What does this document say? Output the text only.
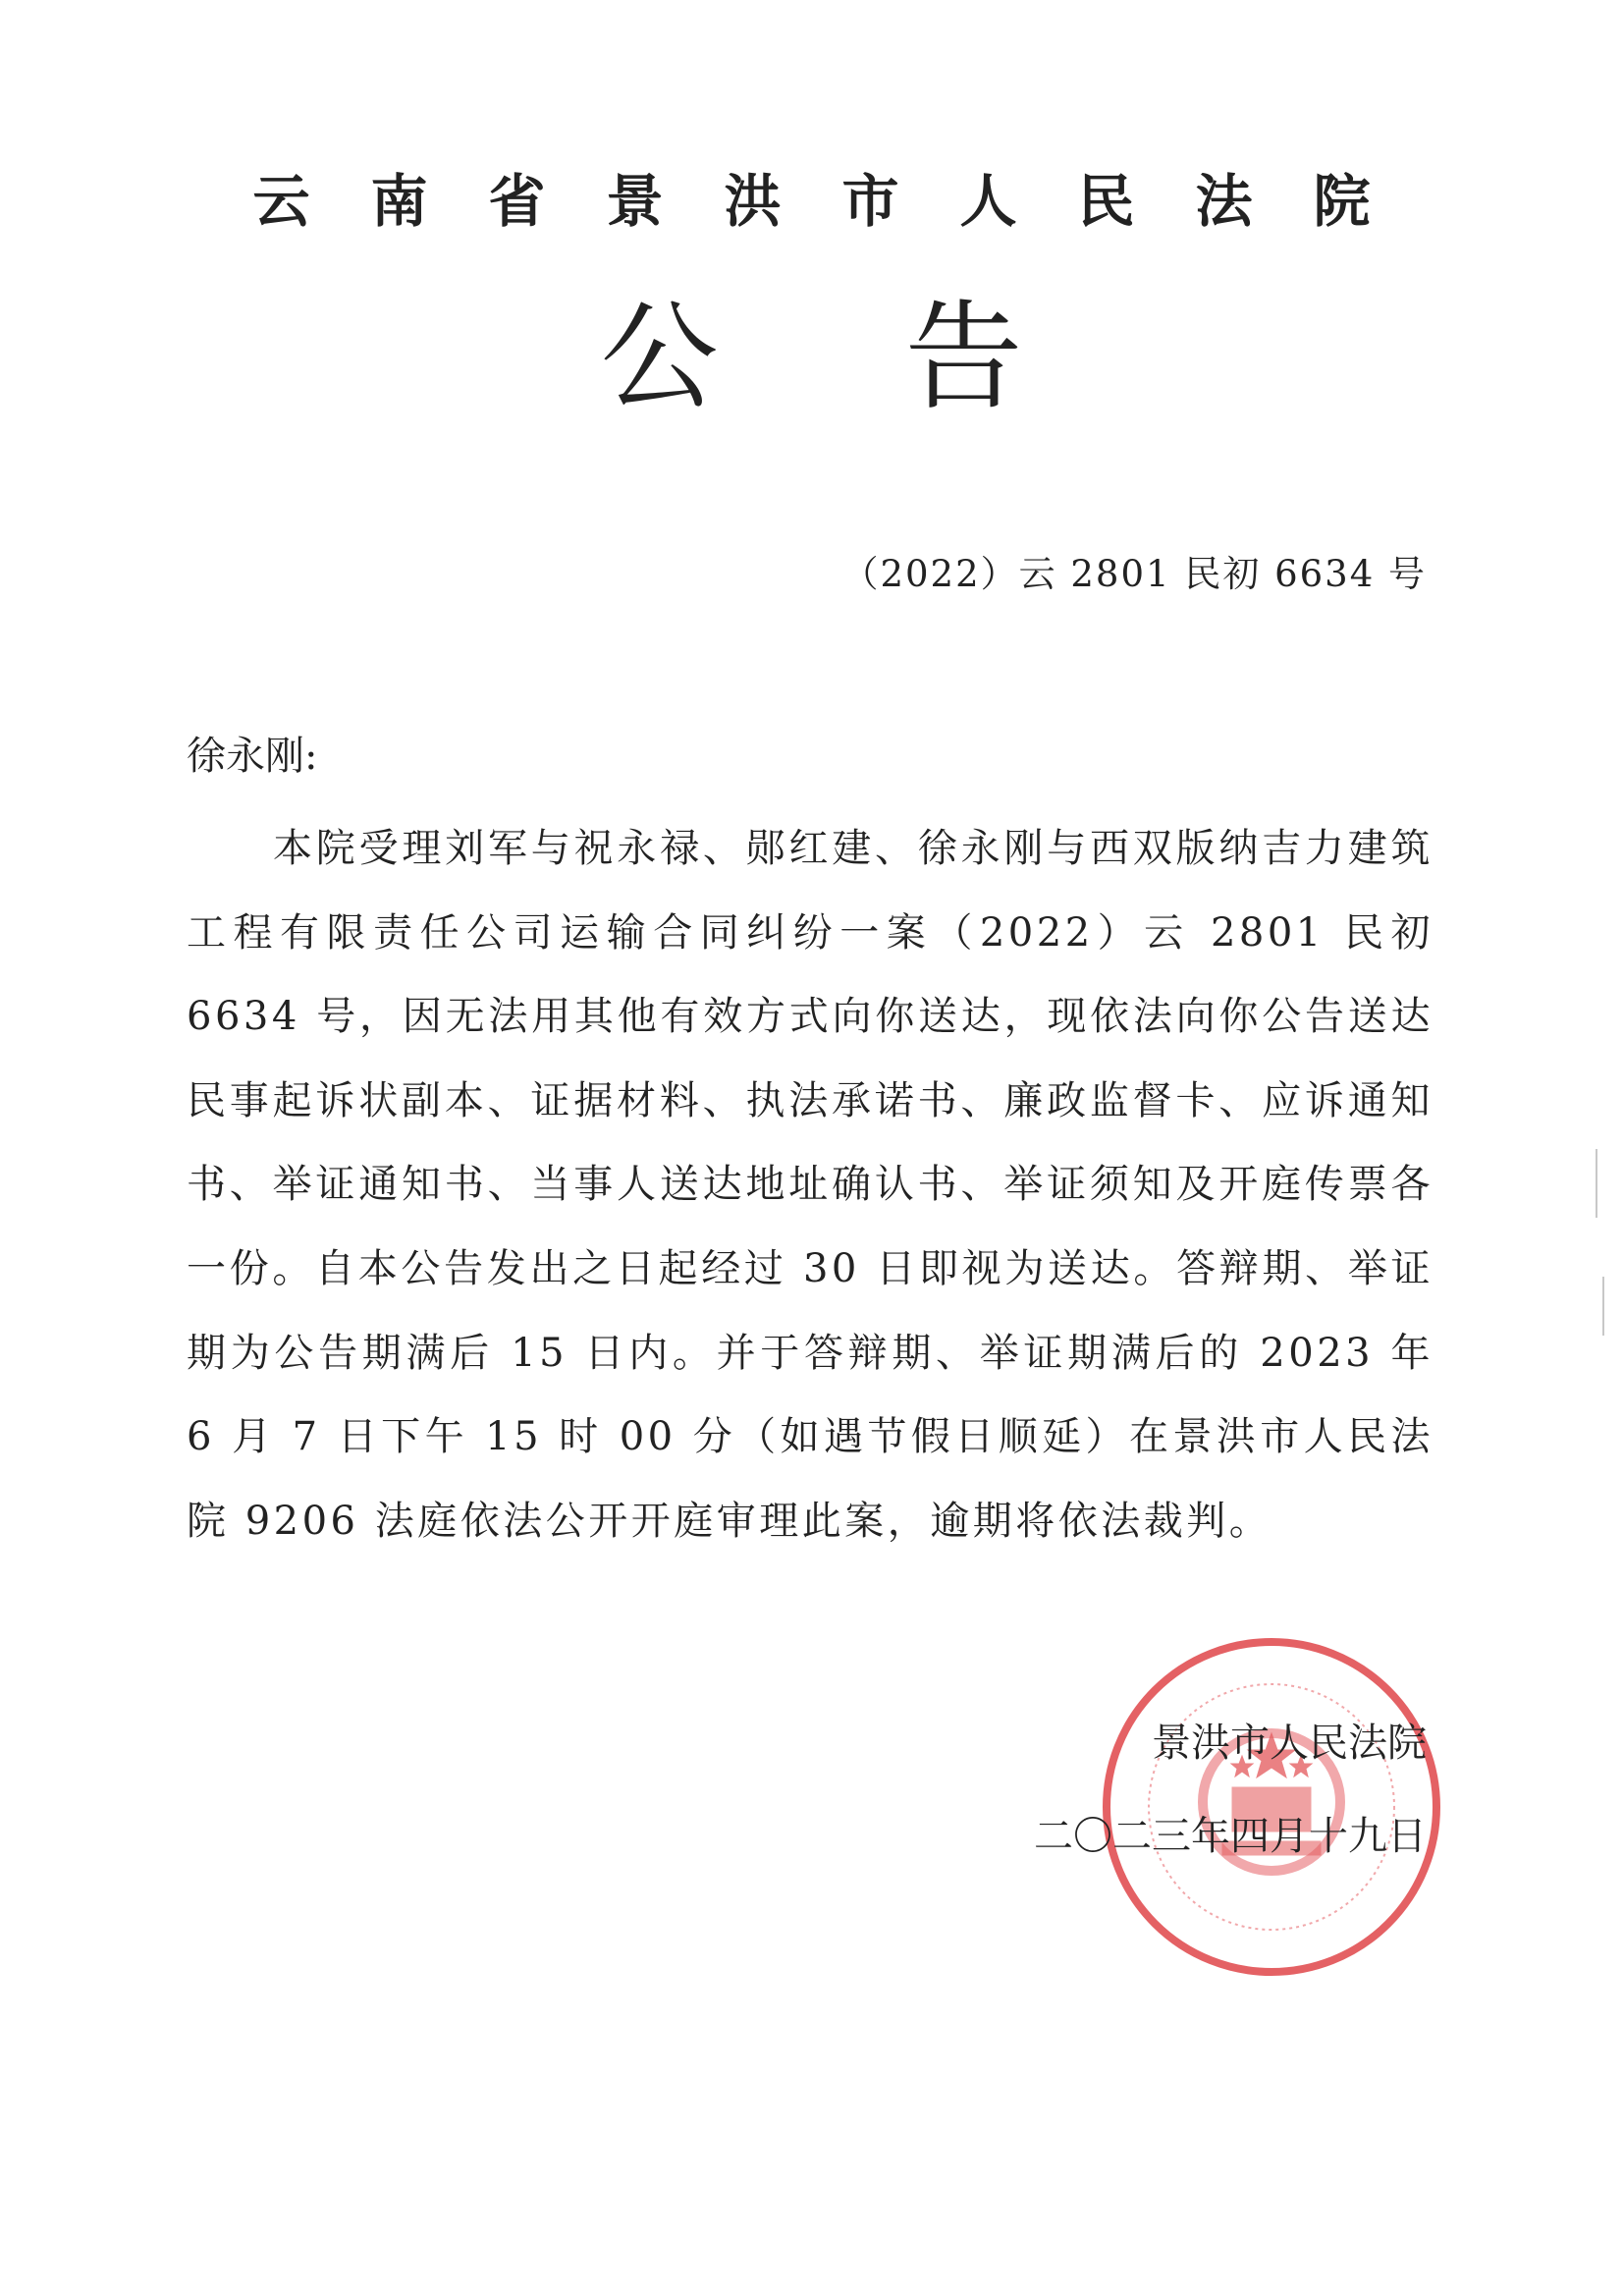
云南省景洪市人民法院
公告
（2022）云 2801 民初 6634 号
徐永刚:
本院受理刘军与祝永禄、郧红建、徐永刚与西双版纳吉力建筑工程有限责任公司运输合同纠纷一案（2022）云 2801 民初 6634 号，因无法用其他有效方式向你送达，现依法向你公告送达民事起诉状副本、证据材料、执法承诺书、廉政监督卡、应诉通知书、举证通知书、当事人送达地址确认书、举证须知及开庭传票各一份。自本公告发出之日起经过 30 日即视为送达。答辩期、举证期为公告期满后 15 日内。并于答辩期、举证期满后的 2023 年 6 月 7 日下午 15 时 00 分（如遇节假日顺延）在景洪市人民法院 9206 法庭依法公开开庭审理此案，逾期将依法裁判。
景洪市人民法院
二〇二三年四月十九日
